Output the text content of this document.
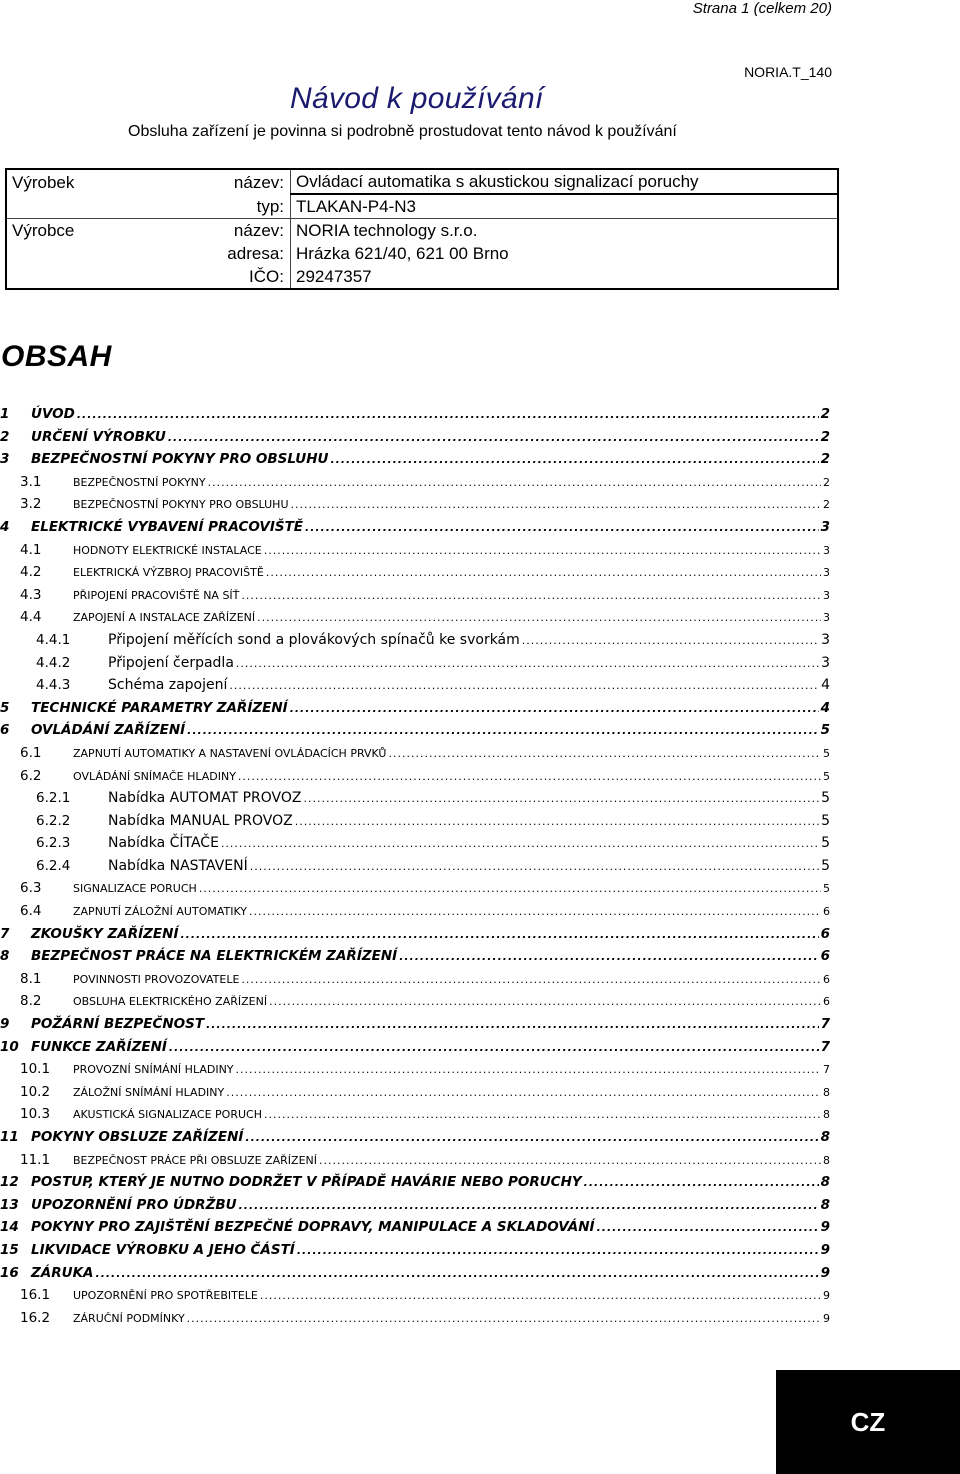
Strana 1 (celkem 20)
NORIA.T_140
Návod k používání
Obsluha zařízení je povinna si podrobně prostudovat tento návod k používání
Výrobek	název:	Ovládací automatika s akustickou signalizací poruchy
	typ:	TLAKAN-P4-N3
Výrobce	název:	NORIA technology s.r.o.
	adresa:	Hrázka 621/40, 621 00 Brno
	IČO:	29247357
OBSAH
1	ÚVOD .....	2
2	URČENÍ VÝROBKU .....	2
3	BEZPEČNOSTNÍ POKYNY PRO OBSLUHU .....	2
3.1	BEZPEČNOSTNÍ POKYNY .....	2
3.2	BEZPEČNOSTNÍ POKYNY PRO OBSLUHU .....	2
4	ELEKTRICKÉ VYBAVENÍ PRACOVIŠTĚ .....	3
4.1	HODNOTY ELEKTRICKÉ INSTALACE .....	3
4.2	ELEKTRICKÁ VÝZBROJ PRACOVIŠTĚ .....	3
4.3	PŘIPOJENÍ PRACOVIŠTĚ NA SÍŤ .....	3
4.4	ZAPOJENÍ A INSTALACE ZAŘÍZENÍ .....	3
4.4.1	Připojení měřících sond a plovákových spínačů ke svorkám .....	3
4.4.2	Připojení čerpadla .....	3
4.4.3	Schéma zapojení .....	4
5	TECHNICKÉ PARAMETRY ZAŘÍZENÍ .....	4
6	OVLÁDÁNÍ ZAŘÍZENÍ .....	5
6.1	ZAPNUTÍ AUTOMATIKY A NASTAVENÍ OVLÁDACÍCH PRVKŮ .....	5
6.2	OVLÁDÁNÍ SNÍMAČE HLADINY .....	5
6.2.1	Nabídka AUTOMAT PROVOZ .....	5
6.2.2	Nabídka MANUAL PROVOZ .....	5
6.2.3	Nabídka ČÍTAČE .....	5
6.2.4	Nabídka NASTAVENÍ .....	5
6.3	SIGNALIZACE PORUCH .....	5
6.4	ZAPNUTÍ ZÁLOŽNÍ AUTOMATIKY .....	6
7	ZKOUŠKY ZAŘÍZENÍ .....	6
8	BEZPEČNOST PRÁCE NA ELEKTRICKÉM ZAŘÍZENÍ .....	6
8.1	POVINNOSTI PROVOZOVATELE .....	6
8.2	OBSLUHA ELEKTRICKÉHO ZAŘÍZENÍ .....	6
9	POŽÁRNÍ BEZPEČNOST .....	7
10 FUNKCE ZAŘÍZENÍ .....	7
10.1	PROVOZNÍ SNÍMÁNÍ HLADINY .....	7
10.2	ZÁLOŽNÍ SNÍMÁNÍ HLADINY .....	8
10.3	AKUSTICKÁ SIGNALIZACE PORUCH .....	8
11 POKYNY OBSLUZE ZAŘÍZENÍ .....	8
11.1	BEZPEČNOST PRÁCE PŘI OBSLUZE ZAŘÍZENÍ .....	8
12 POSTUP, KTERÝ JE NUTNO DODRŽET V PŘÍPADĚ HAVÁRIE NEBO PORUCHY .....	8
13 UPOZORNĚNÍ PRO ÚDRŽBU .....	8
14 POKYNY PRO ZAJIŠTĚNÍ BEZPEČNÉ DOPRAVY, MANIPULACE A SKLADOVÁNÍ .....	9
15 LIKVIDACE VÝROBKU A JEHO ČÁSTÍ .....	9
16 ZÁRUKA .....	9
16.1	UPOZORNĚNÍ PRO SPOTŘEBITELE .....	9
16.2	ZÁRUČNÍ PODMÍNKY .....	9
CZ
